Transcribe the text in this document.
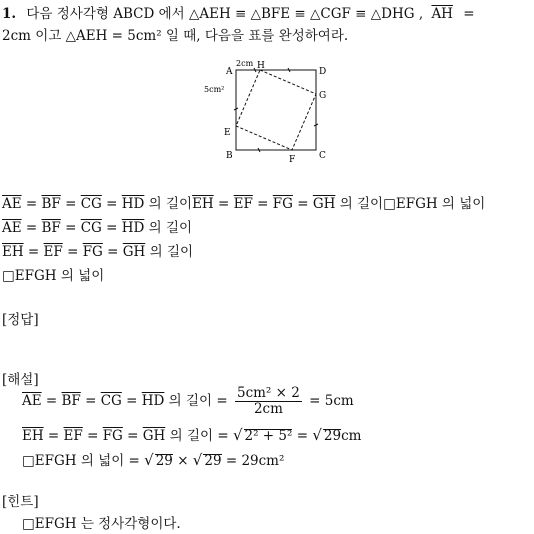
1. 다음 정사각형 ABCD 에서 △AEH ≡ △BFE ≡ △CGF ≡ △DHG , $\overline{AH}$ =
2cm 이고 △AEH = 5cm² 일 때, 다음을 표를 완성하여라.
A
B	C
D
E
F
G
H
2cm
5cm²
$\overline{AE} = \overline{BF} = \overline{CG} = \overline{HD}$ 의 길이$\overline{EH} = \overline{EF} = \overline{FG} = \overline{GH}$ 의 길이□EFGH 의 넓이
$\overline{AE} = \overline{BF} = \overline{CG} = \overline{HD}$ 의 길이
$\overline{EH} = \overline{EF} = \overline{FG} = \overline{GH}$ 의 길이
□EFGH 의 넓이
[정답]
[해설]
$\overline{AE} = \overline{BF} = \overline{CG} = \overline{HD}$ 의 길이 = $\frac{\text{5cm² × 2}}{2cm} = 5cm$
$\overline{EH} = \overline{EF} = \overline{FG} = \overline{GH}$ 의 길이 = √ 2² + 5² = √ 29cm
□EFGH 의 넓이 = √ 29 × √ 29 = 29cm²
[힌트]
□EFGH 는 정사각형이다.
